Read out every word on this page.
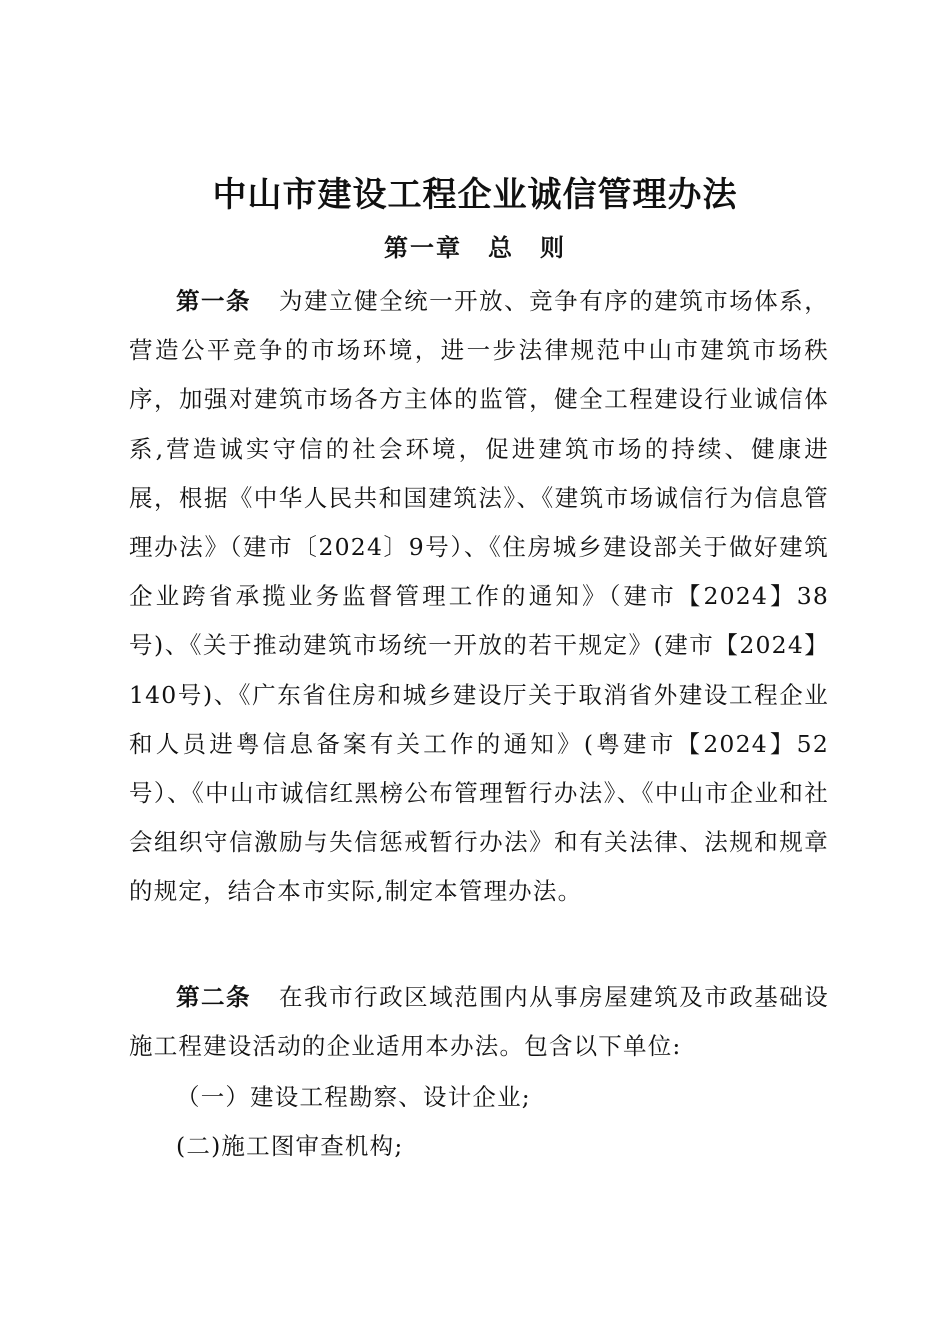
中山市建设工程企业诚信管理办法
第一章　总　则

第一条 为建立健全统一开放、竞争有序的建筑市场体系，营造公平竞争的市场环境，进一步法律规范中山市建筑市场秩序，加强对建筑市场各方主体的监管，健全工程建设行业诚信体系,营造诚实守信的社会环境，促进建筑市场的持续、健康进展，根据《中华人民共和国建筑法》、《建筑市场诚信行为信息管理办法》（建市〔2024〕9号）、《住房城乡建设部关于做好建筑企业跨省承揽业务监督管理工作的通知》（建市【2024】38号)、《关于推动建筑市场统一开放的若干规定》(建市【2024】140号)、《广东省住房和城乡建设厅关于取消省外建设工程企业和人员进粤信息备案有关工作的通知》(粤建市【2024】52号）、《中山市诚信红黑榜公布管理暂行办法》、《中山市企业和社会组织守信激励与失信惩戒暂行办法》和有关法律、法规和规章的规定，结合本市实际,制定本管理办法。

第二条 在我市行政区域范围内从事房屋建筑及市政基础设施工程建设活动的企业适用本办法。包含以下单位:

（一）建设工程勘察、设计企业;
(二)施工图审查机构;
